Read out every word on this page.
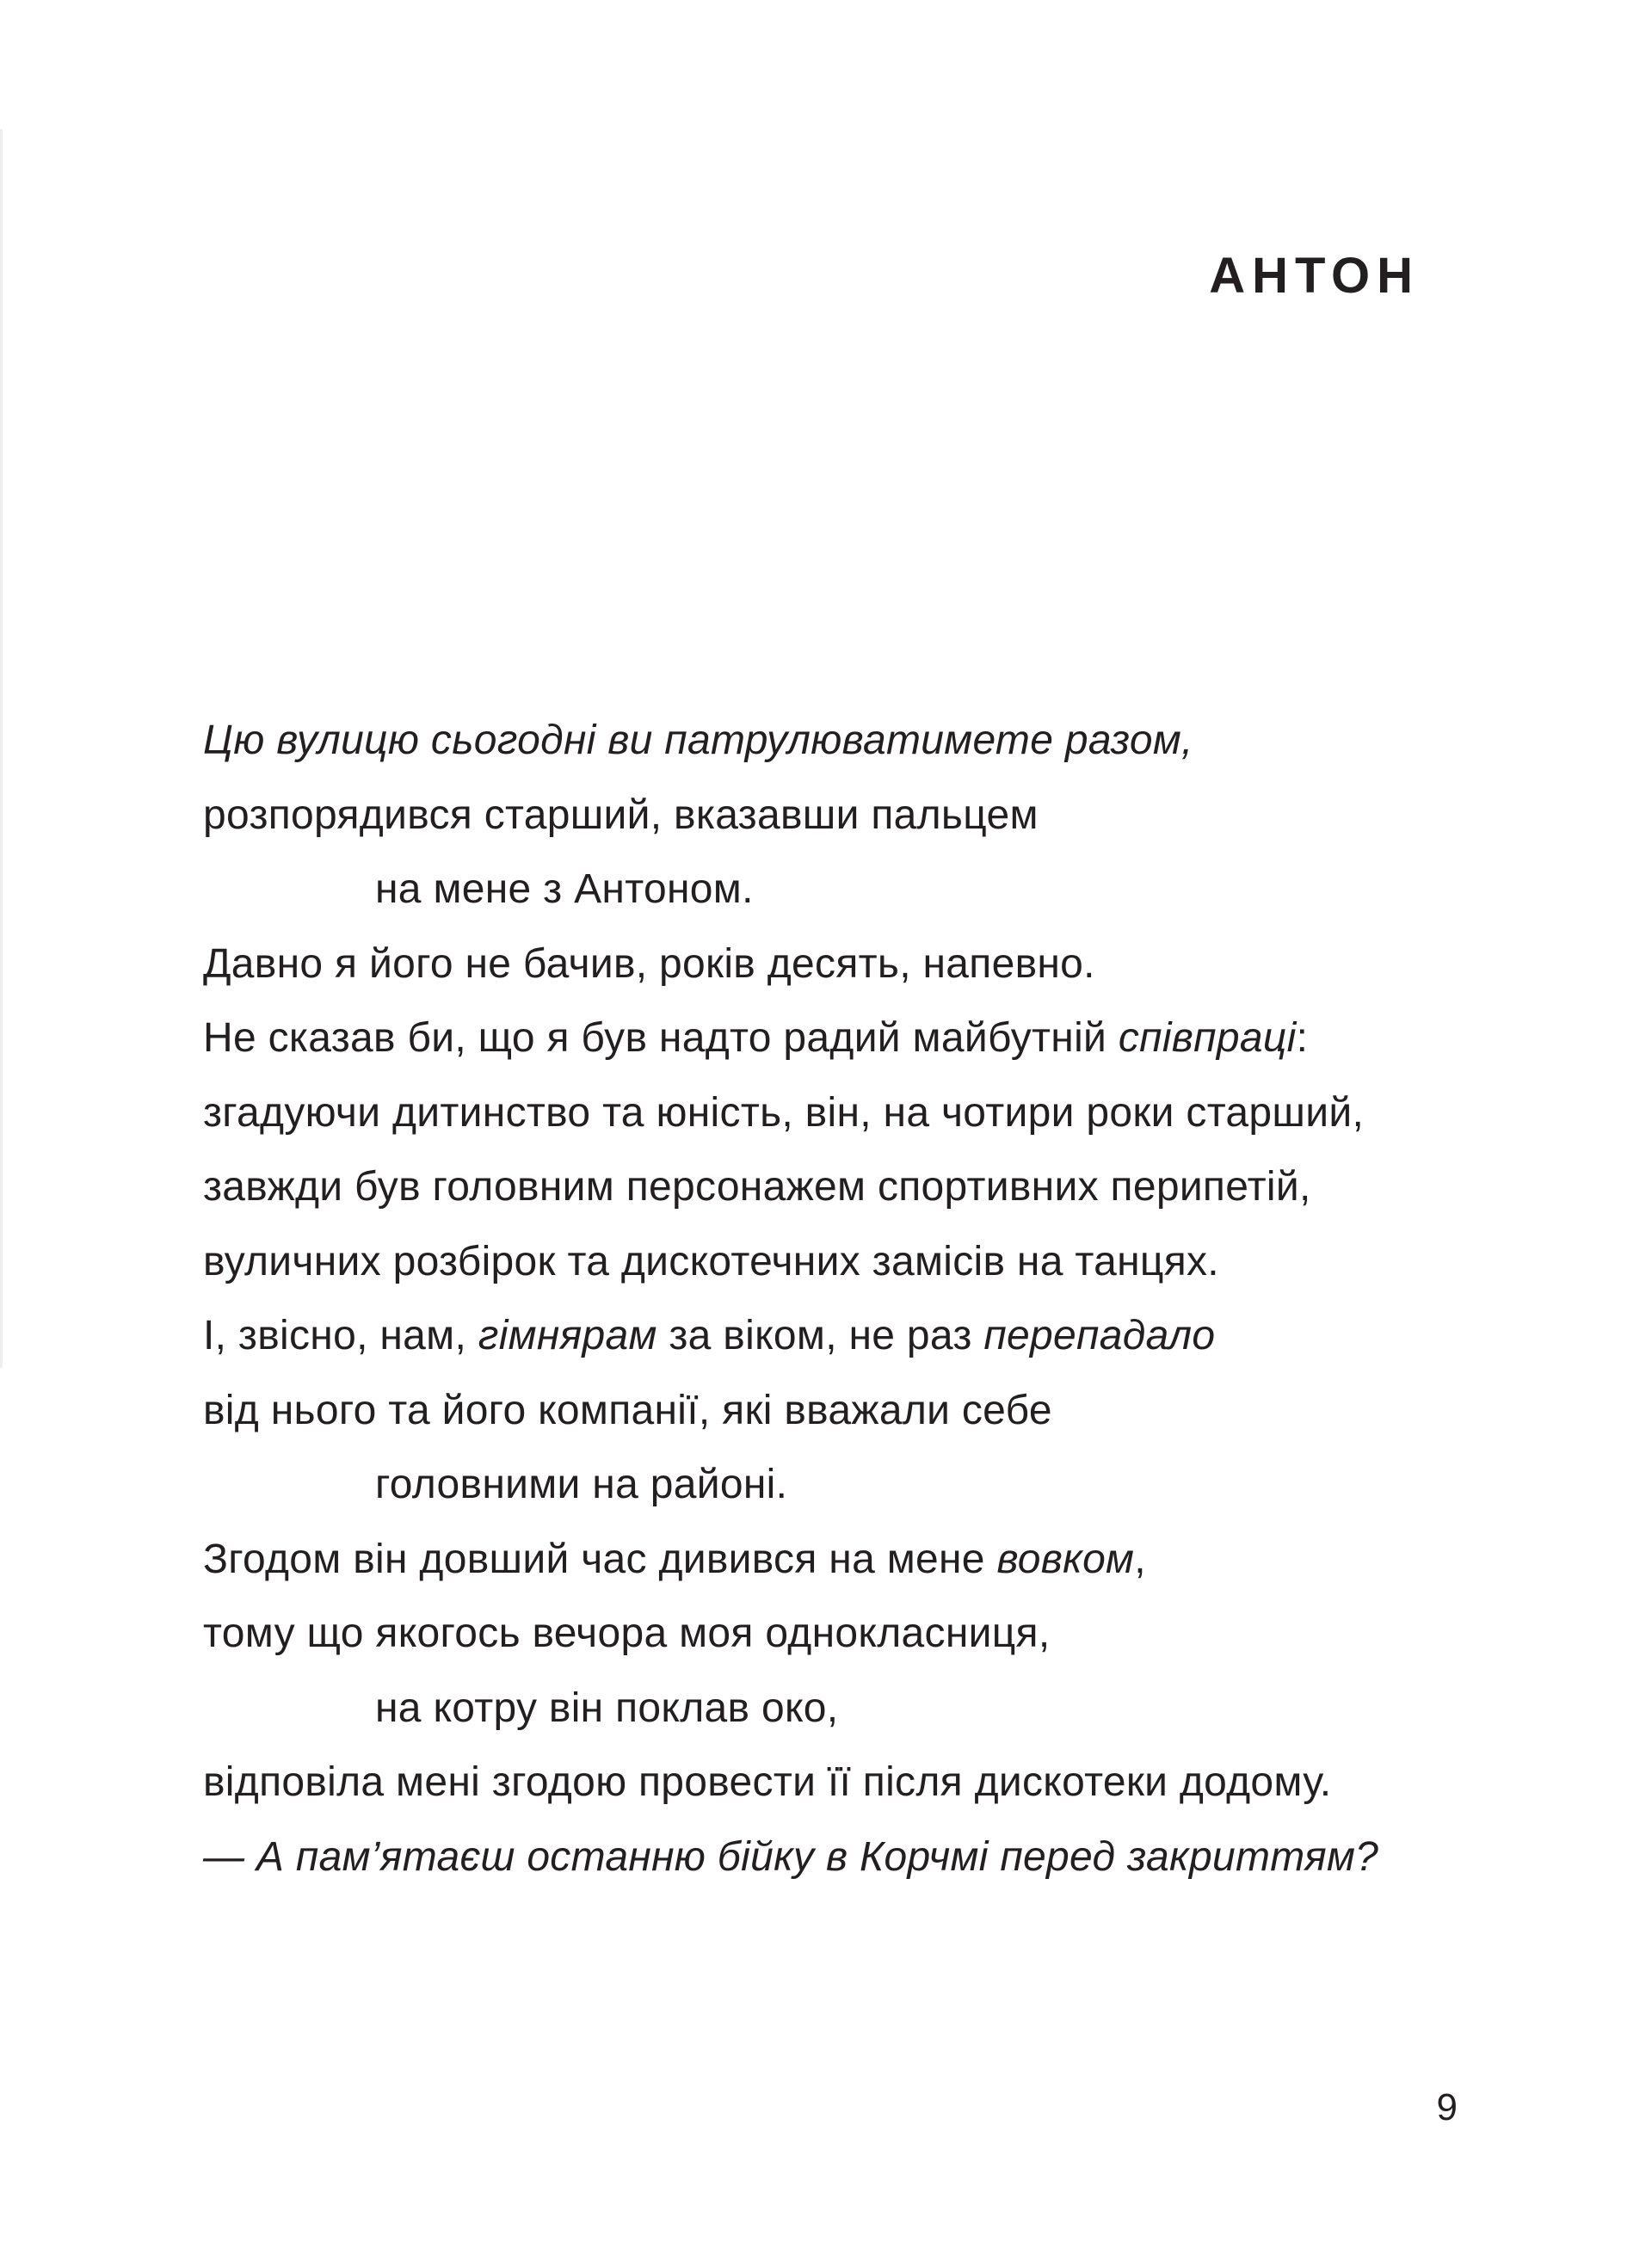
АНТОН
Цю вулицю сьогодні ви патрулюватимете разом,
розпорядився старший, вказавши пальцем
на мене з Антоном.
Давно я його не бачив, років десять, напевно.
Не сказав би, що я був надто радий майбутній співпраці:
згадуючи дитинство та юність, він, на чотири роки старший,
завжди був головним персонажем спортивних перипетій,
вуличних розбірок та дискотечних замісів на танцях.
І, звісно, нам, гімнярам за віком, не раз перепадало
від нього та його компанії, які вважали себе
головними на районі.
Згодом він довший час дивився на мене вовком,
тому що якогось вечора моя однокласниця,
на котру він поклав око,
відповіла мені згодою провести її після дискотеки додому.
— А пам’ятаєш останню бійку в Корчмі перед закриттям?
9
